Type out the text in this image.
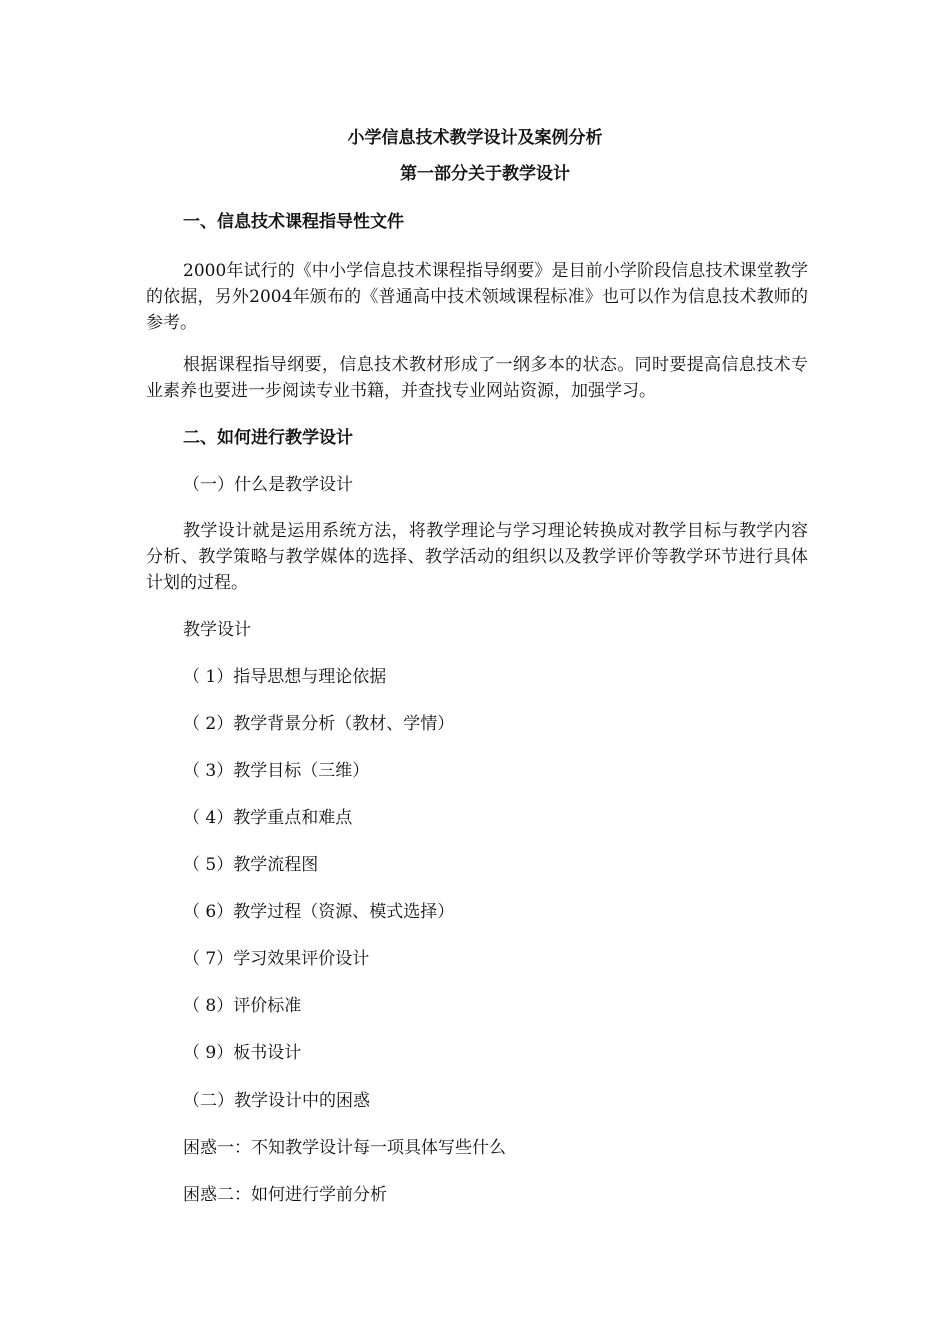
小学信息技术教学设计及案例分析

第一部分关于教学设计

一、信息技术课程指导性文件

2000年试行的《中小学信息技术课程指导纲要》是目前小学阶段信息技术课堂教学的依据，另外2004年颁布的《普通高中技术领域课程标准》也可以作为信息技术教师的参考。

根据课程指导纲要，信息技术教材形成了一纲多本的状态。同时要提高信息技术专业素养也要进一步阅读专业书籍，并查找专业网站资源，加强学习。

二、如何进行教学设计

（一）什么是教学设计

教学设计就是运用系统方法，将教学理论与学习理论转换成对教学目标与教学内容分析、教学策略与教学媒体的选择、教学活动的组织以及教学评价等教学环节进行具体计划的过程。

教学设计

（ 1）指导思想与理论依据

（ 2）教学背景分析（教材、学情）

（ 3）教学目标（三维）

（ 4）教学重点和难点

（ 5）教学流程图

（ 6）教学过程（资源、模式选择）

（ 7）学习效果评价设计

（ 8）评价标准

（ 9）板书设计

（二）教学设计中的困惑

困惑一：不知教学设计每一项具体写些什么

困惑二：如何进行学前分析
